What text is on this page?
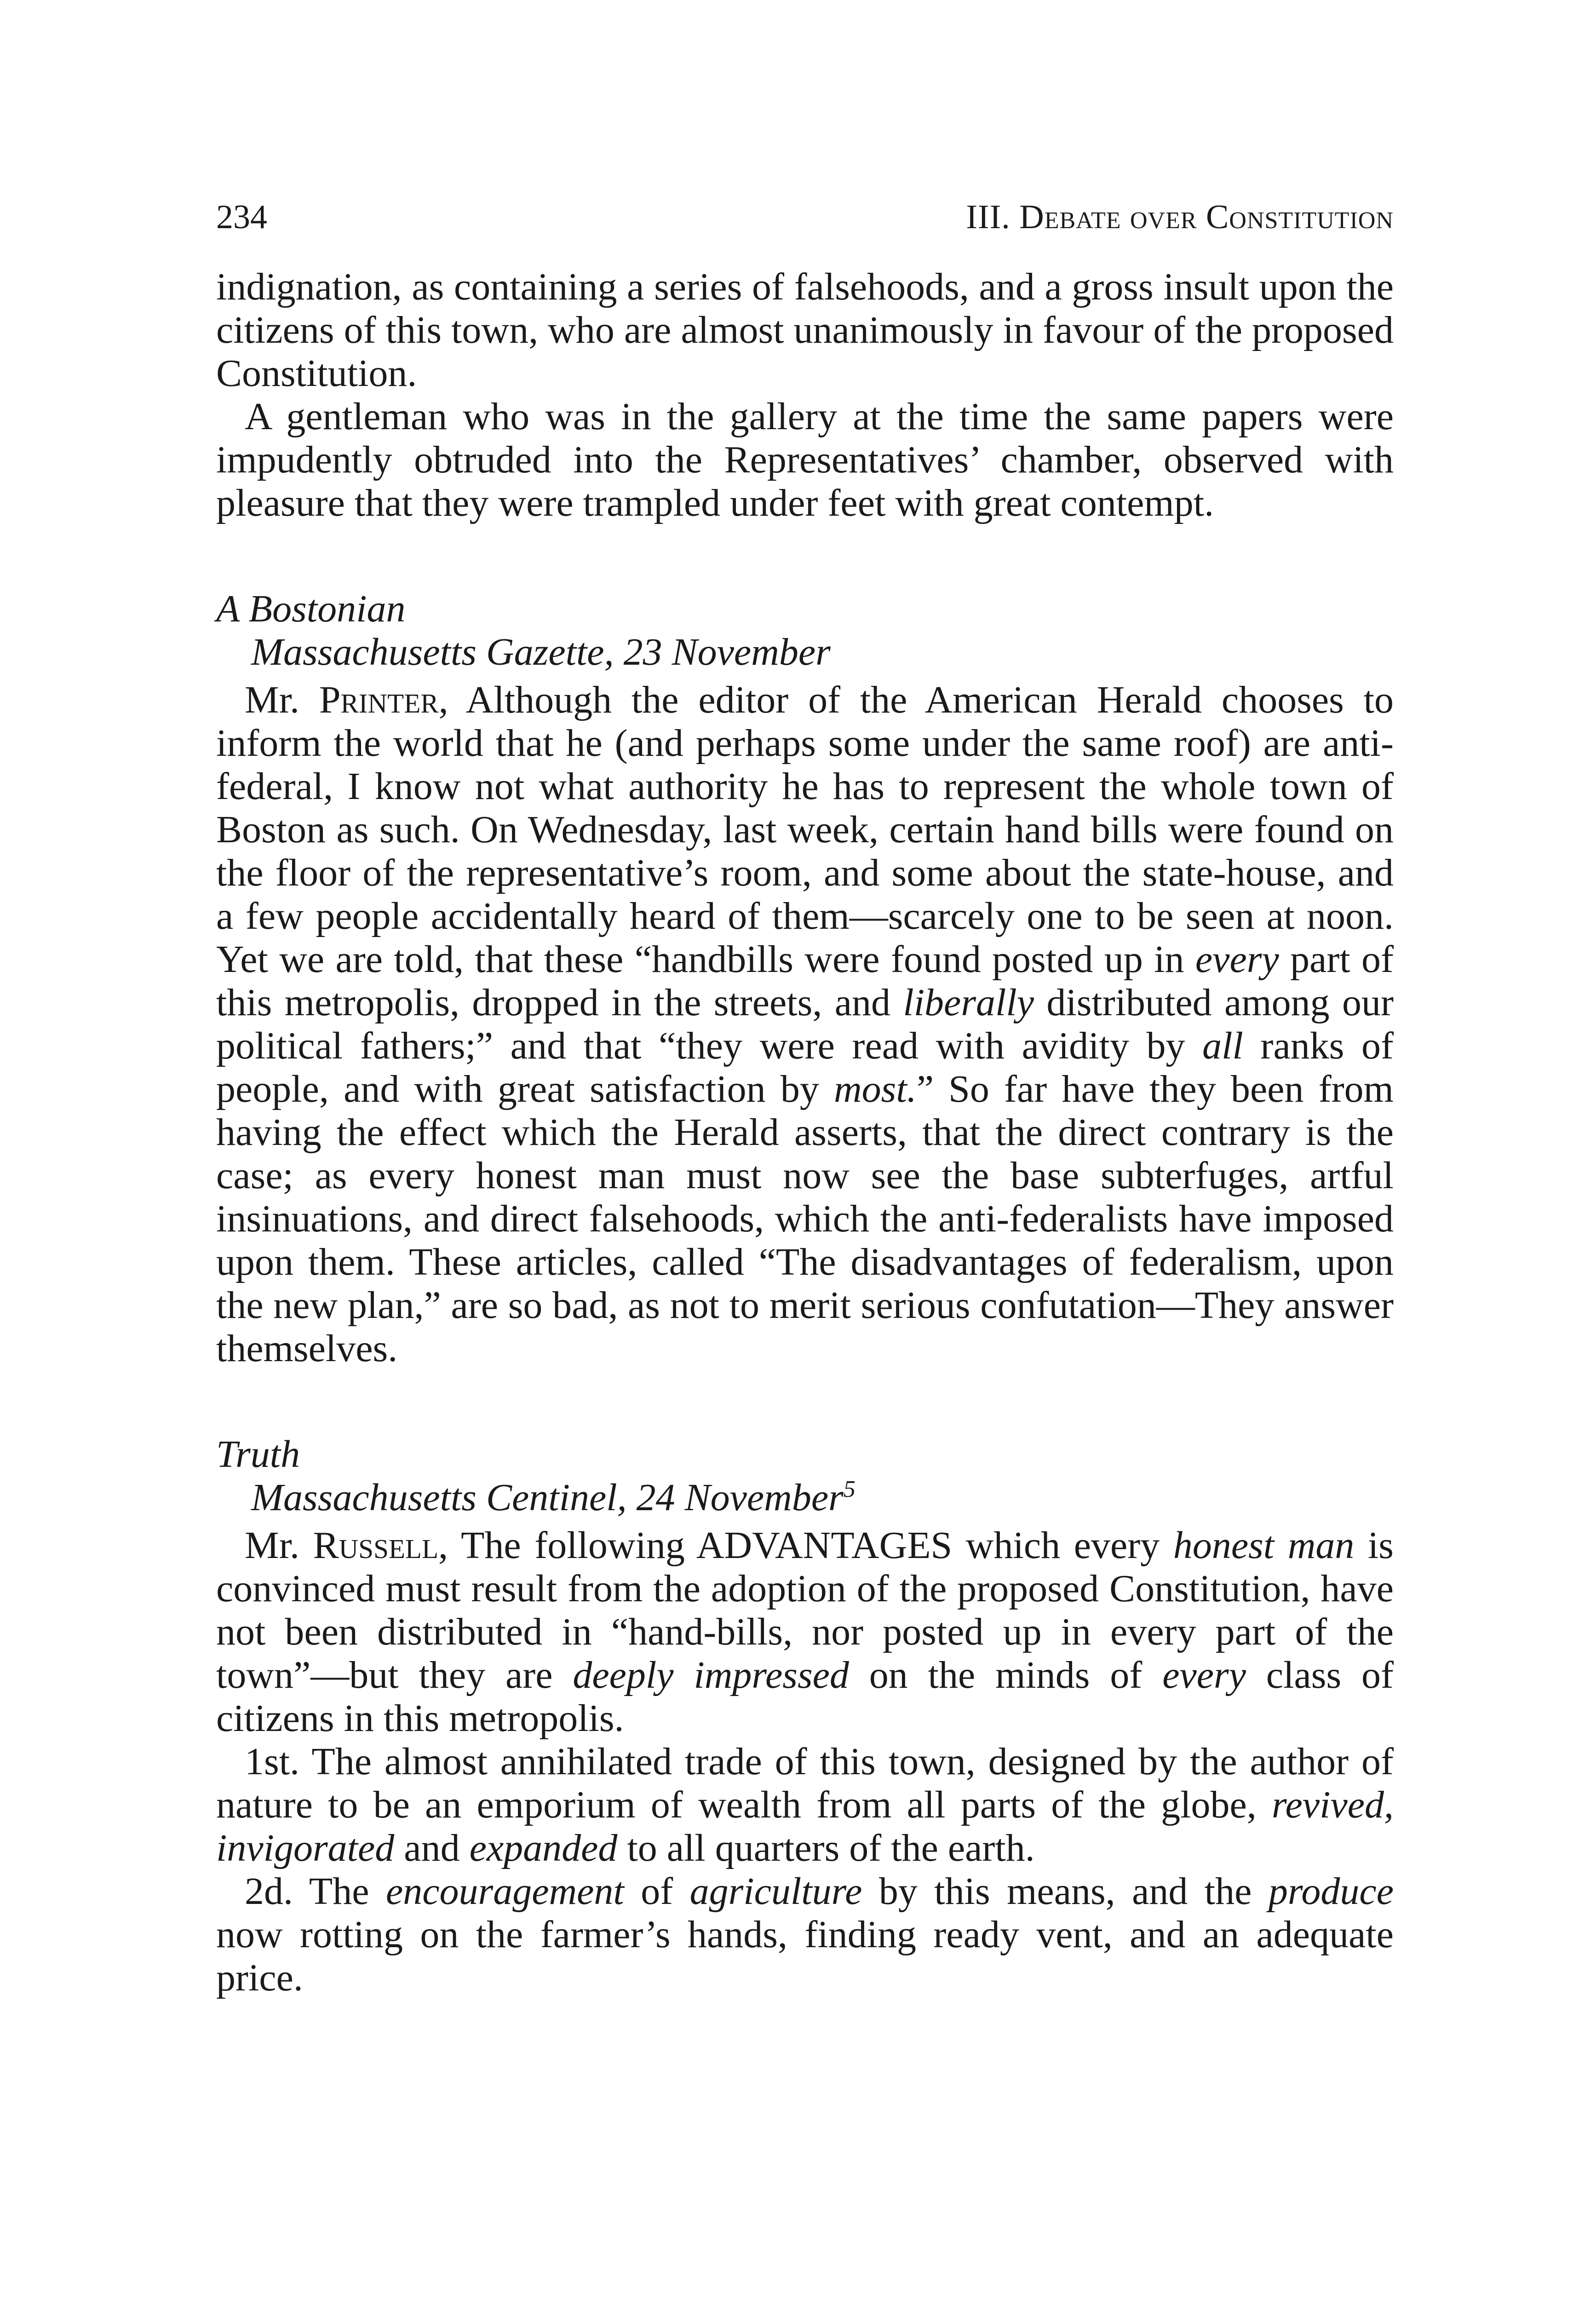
234	III. Debate over Constitution

indignation, as containing a series of falsehoods, and a gross insult upon the citizens of this town, who are almost unanimously in favour of the proposed Constitution.

A gentleman who was in the gallery at the time the same papers were impudently obtruded into the Representatives’ chamber, observed with pleasure that they were trampled under feet with great contempt.

A Bostonian
Massachusetts Gazette, 23 November

Mr. Printer, Although the editor of the American Herald chooses to inform the world that he (and perhaps some under the same roof) are anti-federal, I know not what authority he has to represent the whole town of Boston as such. On Wednesday, last week, certain hand bills were found on the floor of the representative’s room, and some about the state-house, and a few people accidentally heard of them—scarcely one to be seen at noon. Yet we are told, that these “handbills were found posted up in every part of this metropolis, dropped in the streets, and liberally distributed among our political fathers;” and that “they were read with avidity by all ranks of people, and with great satisfaction by most.” So far have they been from having the effect which the Herald asserts, that the direct contrary is the case; as every honest man must now see the base subterfuges, artful insinuations, and direct falsehoods, which the anti-federalists have imposed upon them. These articles, called “The disadvantages of federalism, upon the new plan,” are so bad, as not to merit serious confutation—They answer themselves.

Truth
Massachusetts Centinel, 24 November$^5$

Mr. Russell, The following ADVANTAGES which every honest man is convinced must result from the adoption of the proposed Constitution, have not been distributed in “hand-bills, nor posted up in every part of the town”—but they are deeply impressed on the minds of every class of citizens in this metropolis.

1st. The almost annihilated trade of this town, designed by the author of nature to be an emporium of wealth from all parts of the globe, revived, invigorated and expanded to all quarters of the earth.

2d. The encouragement of agriculture by this means, and the produce now rotting on the farmer’s hands, finding ready vent, and an adequate price.
